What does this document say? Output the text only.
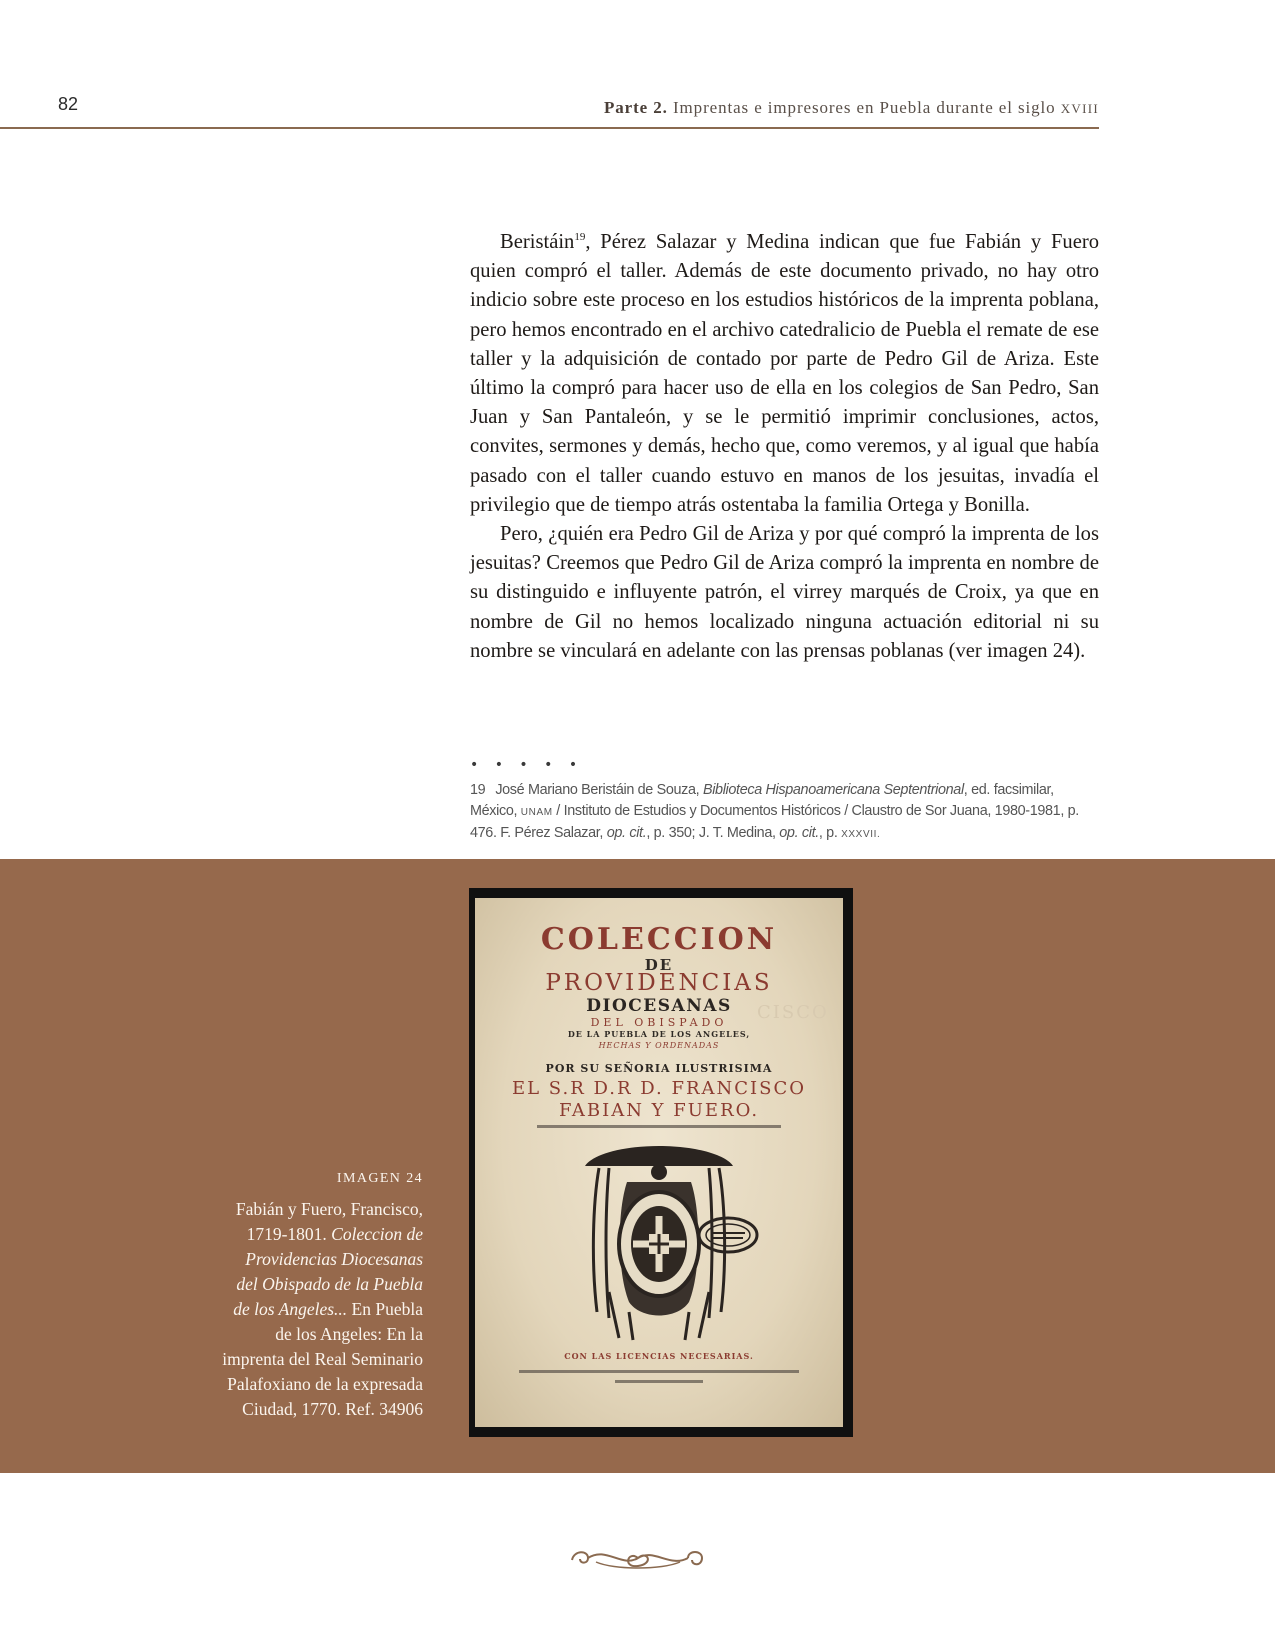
82	Parte 2. Imprentas e impresores en Puebla durante el siglo XVIII

Beristáin$^{19}$, Pérez Salazar y Medina indican que fue Fabián y Fuero quien compró el taller. Además de este documento privado, no hay otro indicio sobre este proceso en los estudios históricos de la imprenta poblana, pero hemos encontrado en el archivo catedralicio de Puebla el remate de ese taller y la adquisición de contado por parte de Pedro Gil de Ariza. Este último la compró para hacer uso de ella en los colegios de San Pedro, San Juan y San Pantaleón, y se le permitió imprimir conclusiones, actos, convites, sermones y demás, hecho que, como veremos, y al igual que había pasado con el taller cuando estuvo en manos de los jesuitas, invadía el privilegio que de tiempo atrás ostentaba la familia Ortega y Bonilla.

Pero, ¿quién era Pedro Gil de Ariza y por qué compró la imprenta de los jesuitas? Creemos que Pedro Gil de Ariza compró la imprenta en nombre de su distinguido e influyente patrón, el virrey marqués de Croix, ya que en nombre de Gil no hemos localizado ninguna actuación editorial ni su nombre se vinculará en adelante con las prensas poblanas (ver imagen 24).

• • • • •
19 José Mariano Beristáin de Souza, Biblioteca Hispanoamericana Septentrional, ed. facsimilar, México, UNAM / Instituto de Estudios y Documentos Históricos / Claustro de Sor Juana, 1980-1981, p. 476. F. Pérez Salazar, op. cit., p. 350; J. T. Medina, op. cit., p. XXXVII.
IMAGEN 24
Fabián y Fuero, Francisco, 1719-1801. Coleccion de Providencias Diocesanas del Obispado de la Puebla de los Angeles... En Puebla de los Angeles: En la imprenta del Real Seminario Palafoxiano de la expresada Ciudad, 1770. Ref. 34906
CISCO
COLECCION
DE
PROVIDENCIAS
DIOCESANAS
DEL OBISPADO
DE LA PUEBLA DE LOS ANGELES,
HECHAS Y ORDENADAS
POR SU SEÑORIA ILUSTRISIMA
EL S.R D.R D. FRANCISCO
FABIAN Y FUERO.
CON LAS LICENCIAS NECESARIAS.
